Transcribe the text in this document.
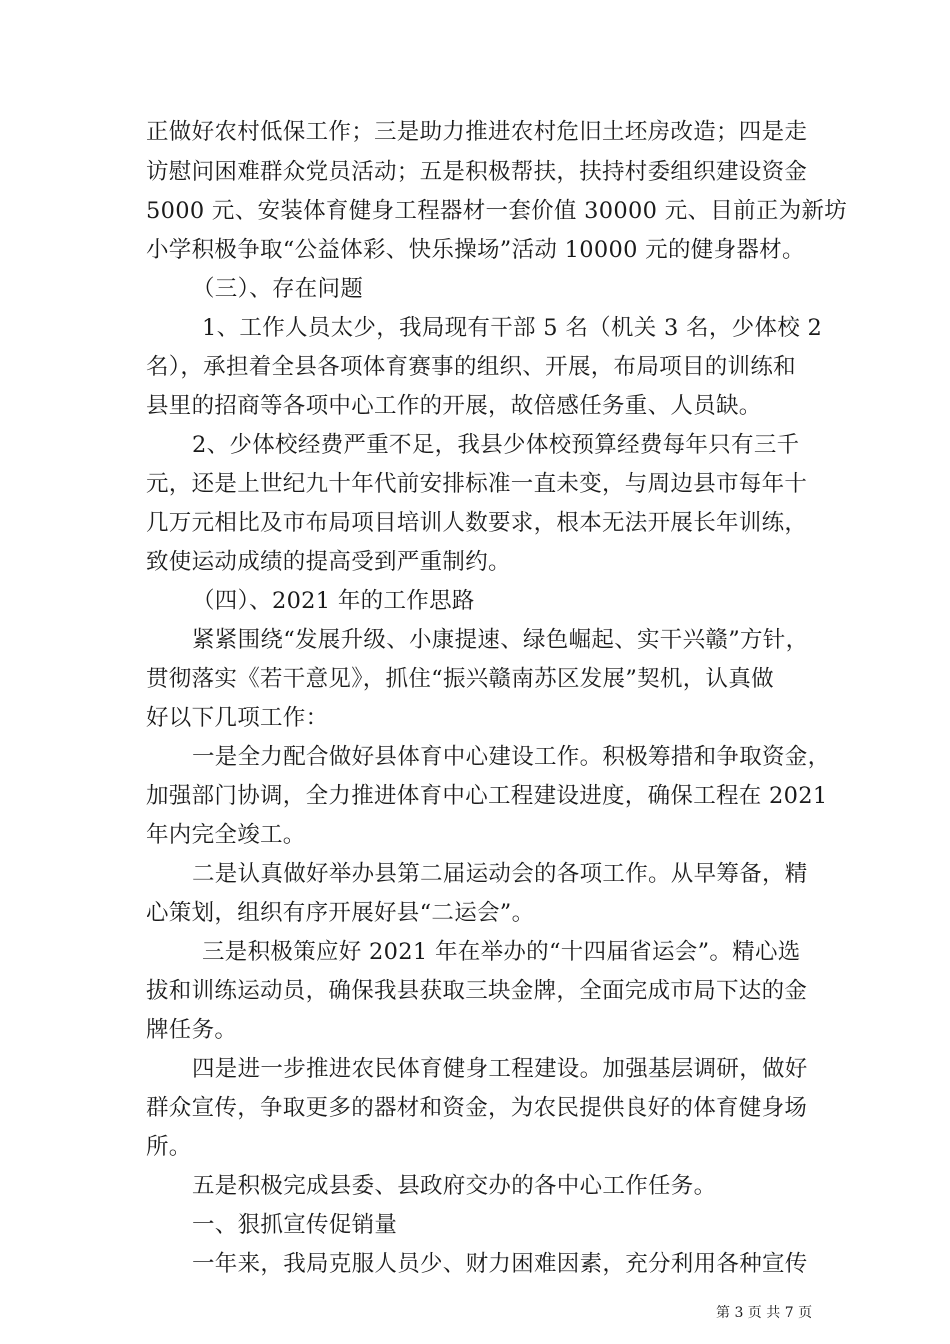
正做好农村低保工作；三是助力推进农村危旧土坯房改造；四是走
访慰问困难群众党员活动；五是积极帮扶，扶持村委组织建设资金
5000 元、安装体育健身工程器材一套价值 30000 元、目前正为新坊
小学积极争取“公益体彩、快乐操场”活动 10000 元的健身器材。
（三）、存在问题
1、工作人员太少，我局现有干部 5 名（机关 3 名，少体校 2
名），承担着全县各项体育赛事的组织、开展，布局项目的训练和
县里的招商等各项中心工作的开展，故倍感任务重、人员缺。
2、少体校经费严重不足，我县少体校预算经费每年只有三千
元，还是上世纪九十年代前安排标准一直未变，与周边县市每年十
几万元相比及市布局项目培训人数要求，根本无法开展长年训练，
致使运动成绩的提高受到严重制约。
（四）、2021 年的工作思路
紧紧围绕“发展升级、小康提速、绿色崛起、实干兴赣”方针，
贯彻落实《若干意见》，抓住“振兴赣南苏区发展”契机，认真做
好以下几项工作：
一是全力配合做好县体育中心建设工作。积极筹措和争取资金，
加强部门协调，全力推进体育中心工程建设进度，确保工程在 2021
年内完全竣工。
二是认真做好举办县第二届运动会的各项工作。从早筹备，精
心策划，组织有序开展好县“二运会”。
三是积极策应好 2021 年在举办的“十四届省运会”。精心选
拔和训练运动员，确保我县获取三块金牌，全面完成市局下达的金
牌任务。
四是进一步推进农民体育健身工程建设。加强基层调研，做好
群众宣传，争取更多的器材和资金，为农民提供良好的体育健身场
所。
五是积极完成县委、县政府交办的各中心工作任务。
一、狠抓宣传促销量
一年来，我局克服人员少、财力困难因素，充分利用各种宣传
第 3 页 共 7 页
